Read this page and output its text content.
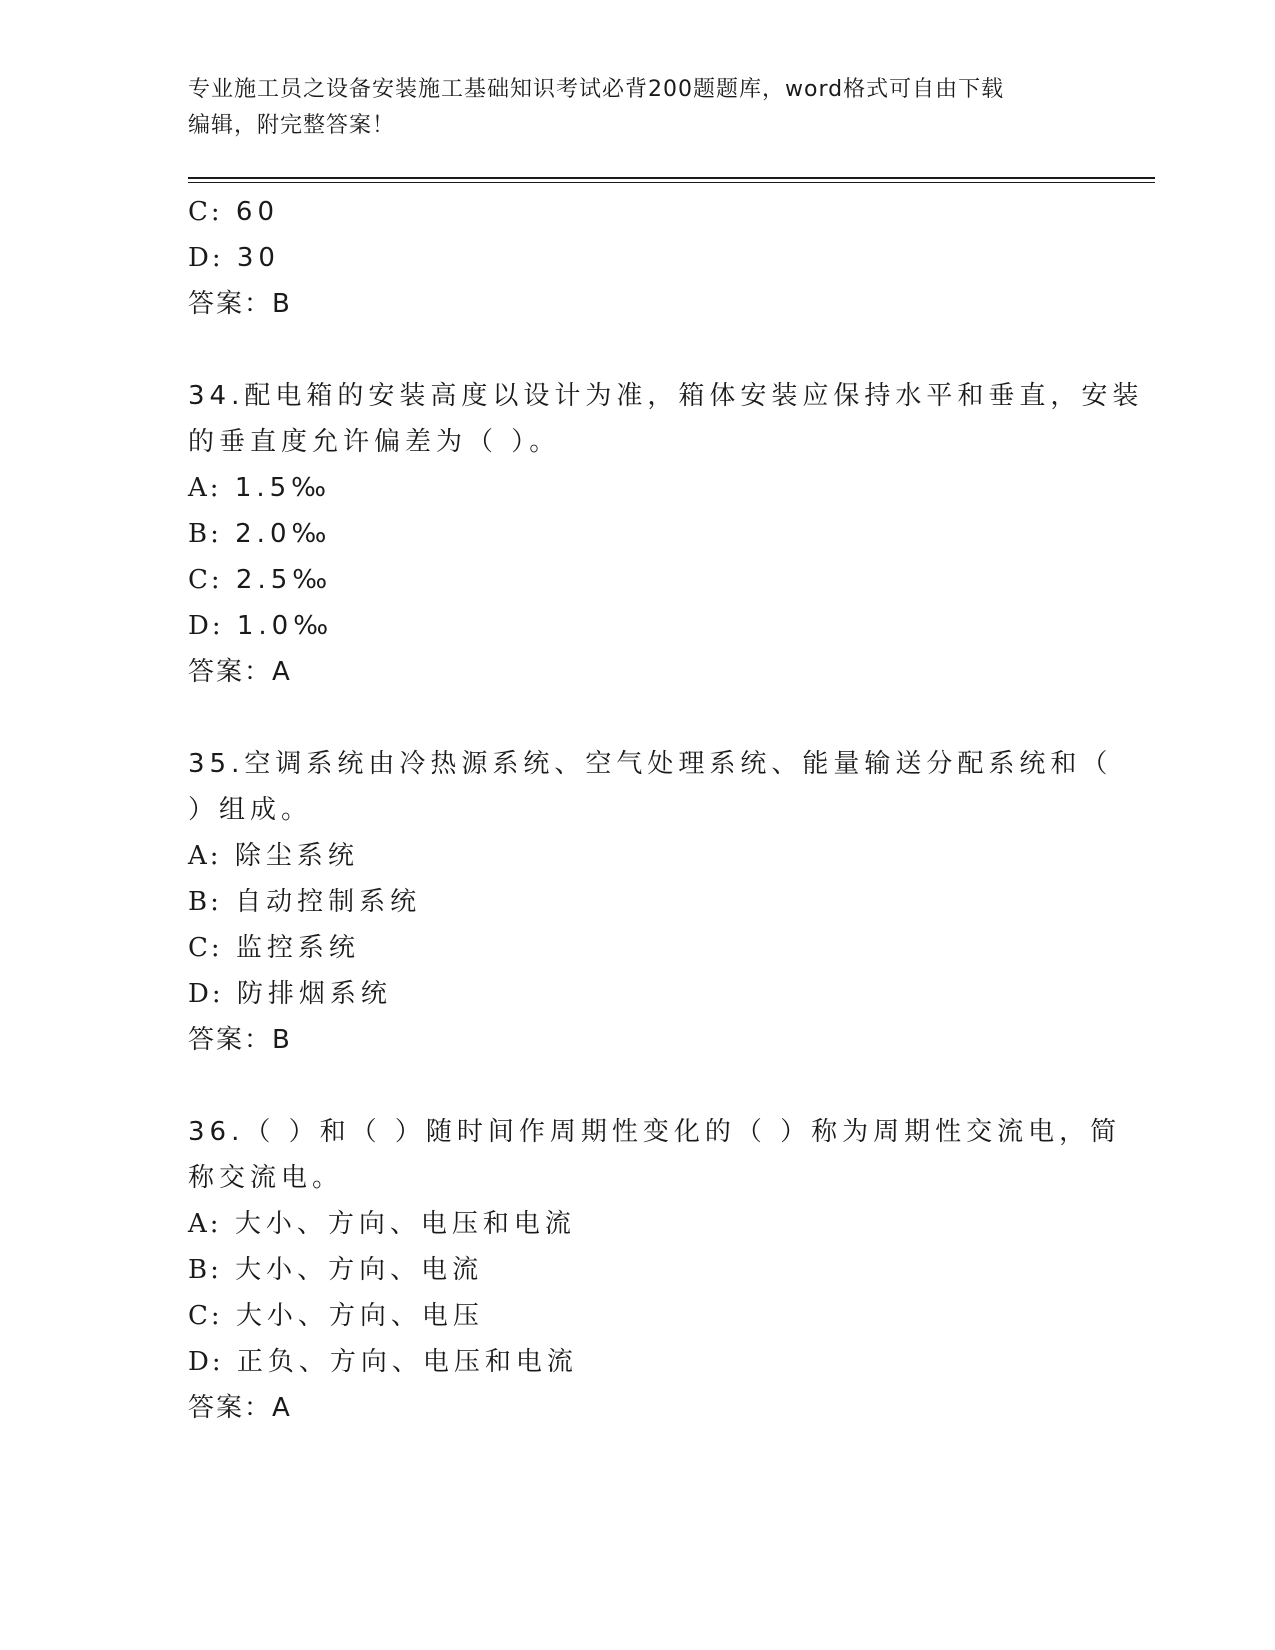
专业施工员之设备安装施工基础知识考试必背200题题库，word格式可自由下载
编辑，附完整答案！
C: 60
D: 30
答案：B
34.配电箱的安装高度以设计为准，箱体安装应保持水平和垂直，安装
的垂直度允许偏差为（ ）。
A: 1.5‰
B: 2.0‰
C: 2.5‰
D: 1.0‰
答案：A
35.空调系统由冷热源系统、空气处理系统、能量输送分配系统和（
）组成。
A: 除尘系统
B: 自动控制系统
C: 监控系统
D: 防排烟系统
答案：B
36.（ ）和（ ）随时间作周期性变化的（ ）称为周期性交流电，简
称交流电。
A: 大小、方向、电压和电流
B: 大小、方向、电流
C: 大小、方向、电压
D: 正负、方向、电压和电流
答案：A
